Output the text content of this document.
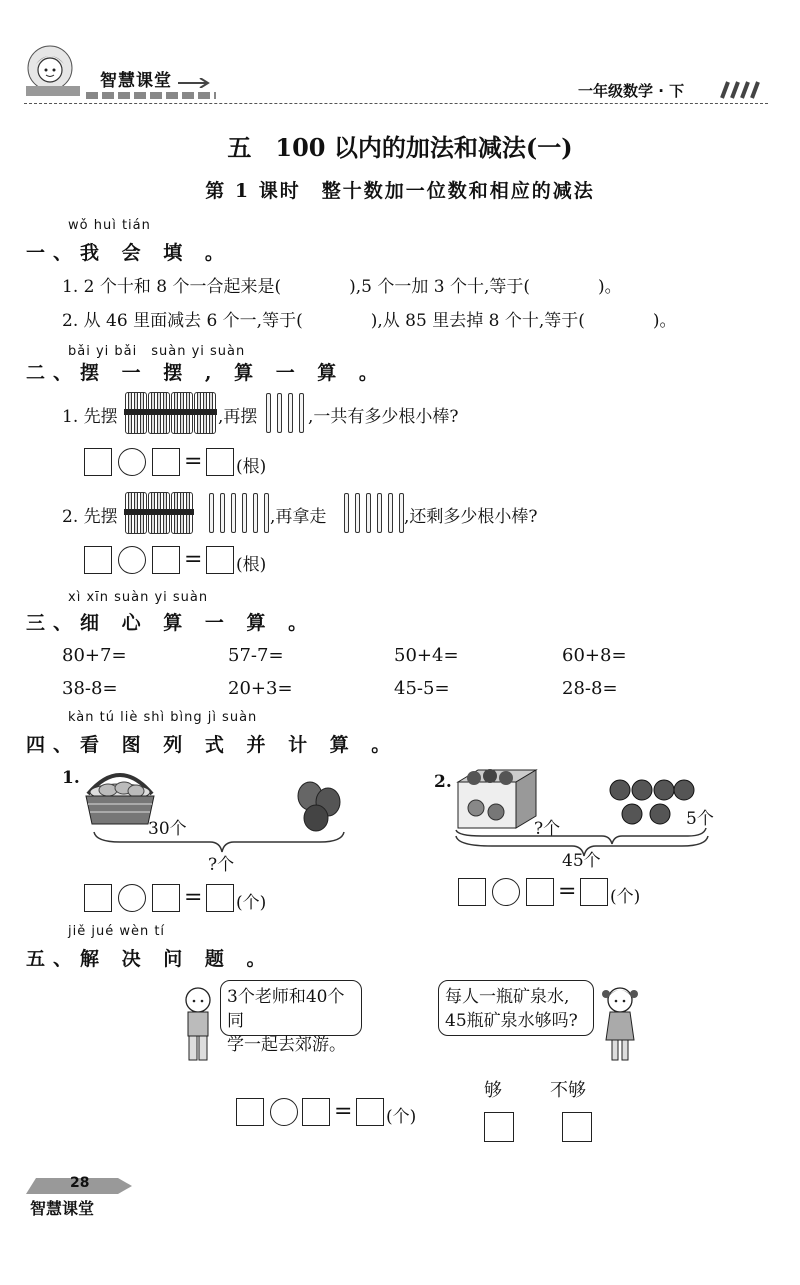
智慧课堂	一年级数学 · 下
五　100 以内的加法和减法(一)
第 1 课时　整十数加一位数和相应的减法
wǒ huì tián
一、我 会 填 。
1. 2 个十和 8 个一合起来是(　　　　),5 个一加 3 个十,等于(　　　　)。
2. 从 46 里面减去 6 个一,等于(　　　　),从 85 里去掉 8 个十,等于(　　　　)。
bǎi yi bǎi　suàn yi suàn
二、摆 一 摆 , 算 一 算 。
1. 先摆	,再摆	,一共有多少根小棒?
= (根)
2. 先摆	,再拿走	,还剩多少根小棒?
= (根)
xì xīn suàn yi suàn
三、细 心 算 一 算 。
80+7=	57-7=	50+4=	60+8=
38-8=	20+3=	45-5=	28-8=
kàn tú liè shì bìng jì suàn
四、看 图 列 式 并 计 算 。
1.
30个
?个
= (个)
2.
?个	5个
45个
= (个)
jiě jué wèn tí
五、解 决 问 题 。
3个老师和40个同
学一起去郊游。
每人一瓶矿泉水,
45瓶矿泉水够吗?
= (个)
够	不够
28
智慧课堂
